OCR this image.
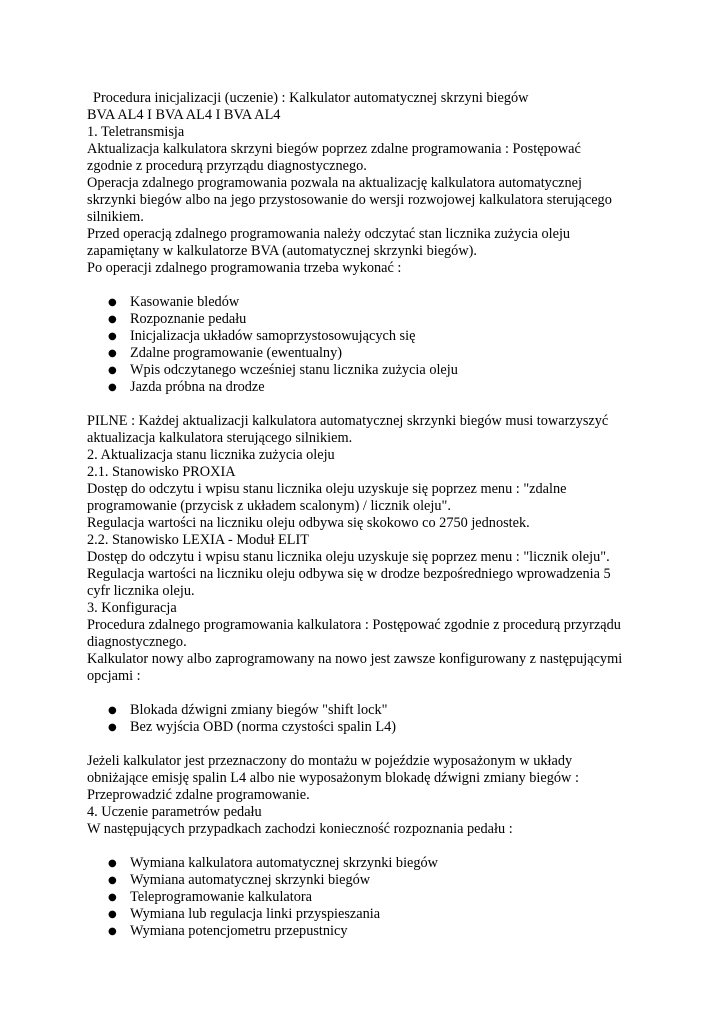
Procedura inicjalizacji (uczenie) : Kalkulator automatycznej skrzyni biegów
BVA AL4 I BVA AL4 I BVA AL4
1. Teletransmisja
Aktualizacja kalkulatora skrzyni biegów poprzez zdalne programowania : Postępować
zgodnie z procedurą przyrządu diagnostycznego.
Operacja zdalnego programowania pozwala na aktualizację kalkulatora automatycznej
skrzynki biegów albo na jego przystosowanie do wersji rozwojowej kalkulatora sterującego
silnikiem.
Przed operacją zdalnego programowania należy odczytać stan licznika zużycia oleju
zapamiętany w kalkulatorze BVA (automatycznej skrzynki biegów).
Po operacji zdalnego programowania trzeba wykonać :
● Kasowanie bledów
● Rozpoznanie pedału
● Inicjalizacja układów samoprzystosowujących się
● Zdalne programowanie (ewentualny)
● Wpis odczytanego wcześniej stanu licznika zużycia oleju
● Jazda próbna na drodze
PILNE : Każdej aktualizacji kalkulatora automatycznej skrzynki biegów musi towarzyszyć
aktualizacja kalkulatora sterującego silnikiem.
2. Aktualizacja stanu licznika zużycia oleju
2.1. Stanowisko PROXIA
Dostęp do odczytu i wpisu stanu licznika oleju uzyskuje się poprzez menu : "zdalne
programowanie (przycisk z układem scalonym) / licznik oleju".
Regulacja wartości na liczniku oleju odbywa się skokowo co 2750 jednostek.
2.2. Stanowisko LEXIA - Moduł ELIT
Dostęp do odczytu i wpisu stanu licznika oleju uzyskuje się poprzez menu : "licznik oleju".
Regulacja wartości na liczniku oleju odbywa się w drodze bezpośredniego wprowadzenia 5
cyfr licznika oleju.
3. Konfiguracja
Procedura zdalnego programowania kalkulatora : Postępować zgodnie z procedurą przyrządu
diagnostycznego.
Kalkulator nowy albo zaprogramowany na nowo jest zawsze konfigurowany z następującymi
opcjami :
● Blokada dźwigni zmiany biegów "shift lock"
● Bez wyjścia OBD (norma czystości spalin L4)
Jeżeli kalkulator jest przeznaczony do montażu w pojeździe wyposażonym w układy
obniżające emisję spalin L4 albo nie wyposażonym blokadę dźwigni zmiany biegów :
Przeprowadzić zdalne programowanie.
4. Uczenie parametrów pedału
W następujących przypadkach zachodzi konieczność rozpoznania pedału :
● Wymiana kalkulatora automatycznej skrzynki biegów
● Wymiana automatycznej skrzynki biegów
● Teleprogramowanie kalkulatora
● Wymiana lub regulacja linki przyspieszania
● Wymiana potencjometru przepustnicy
